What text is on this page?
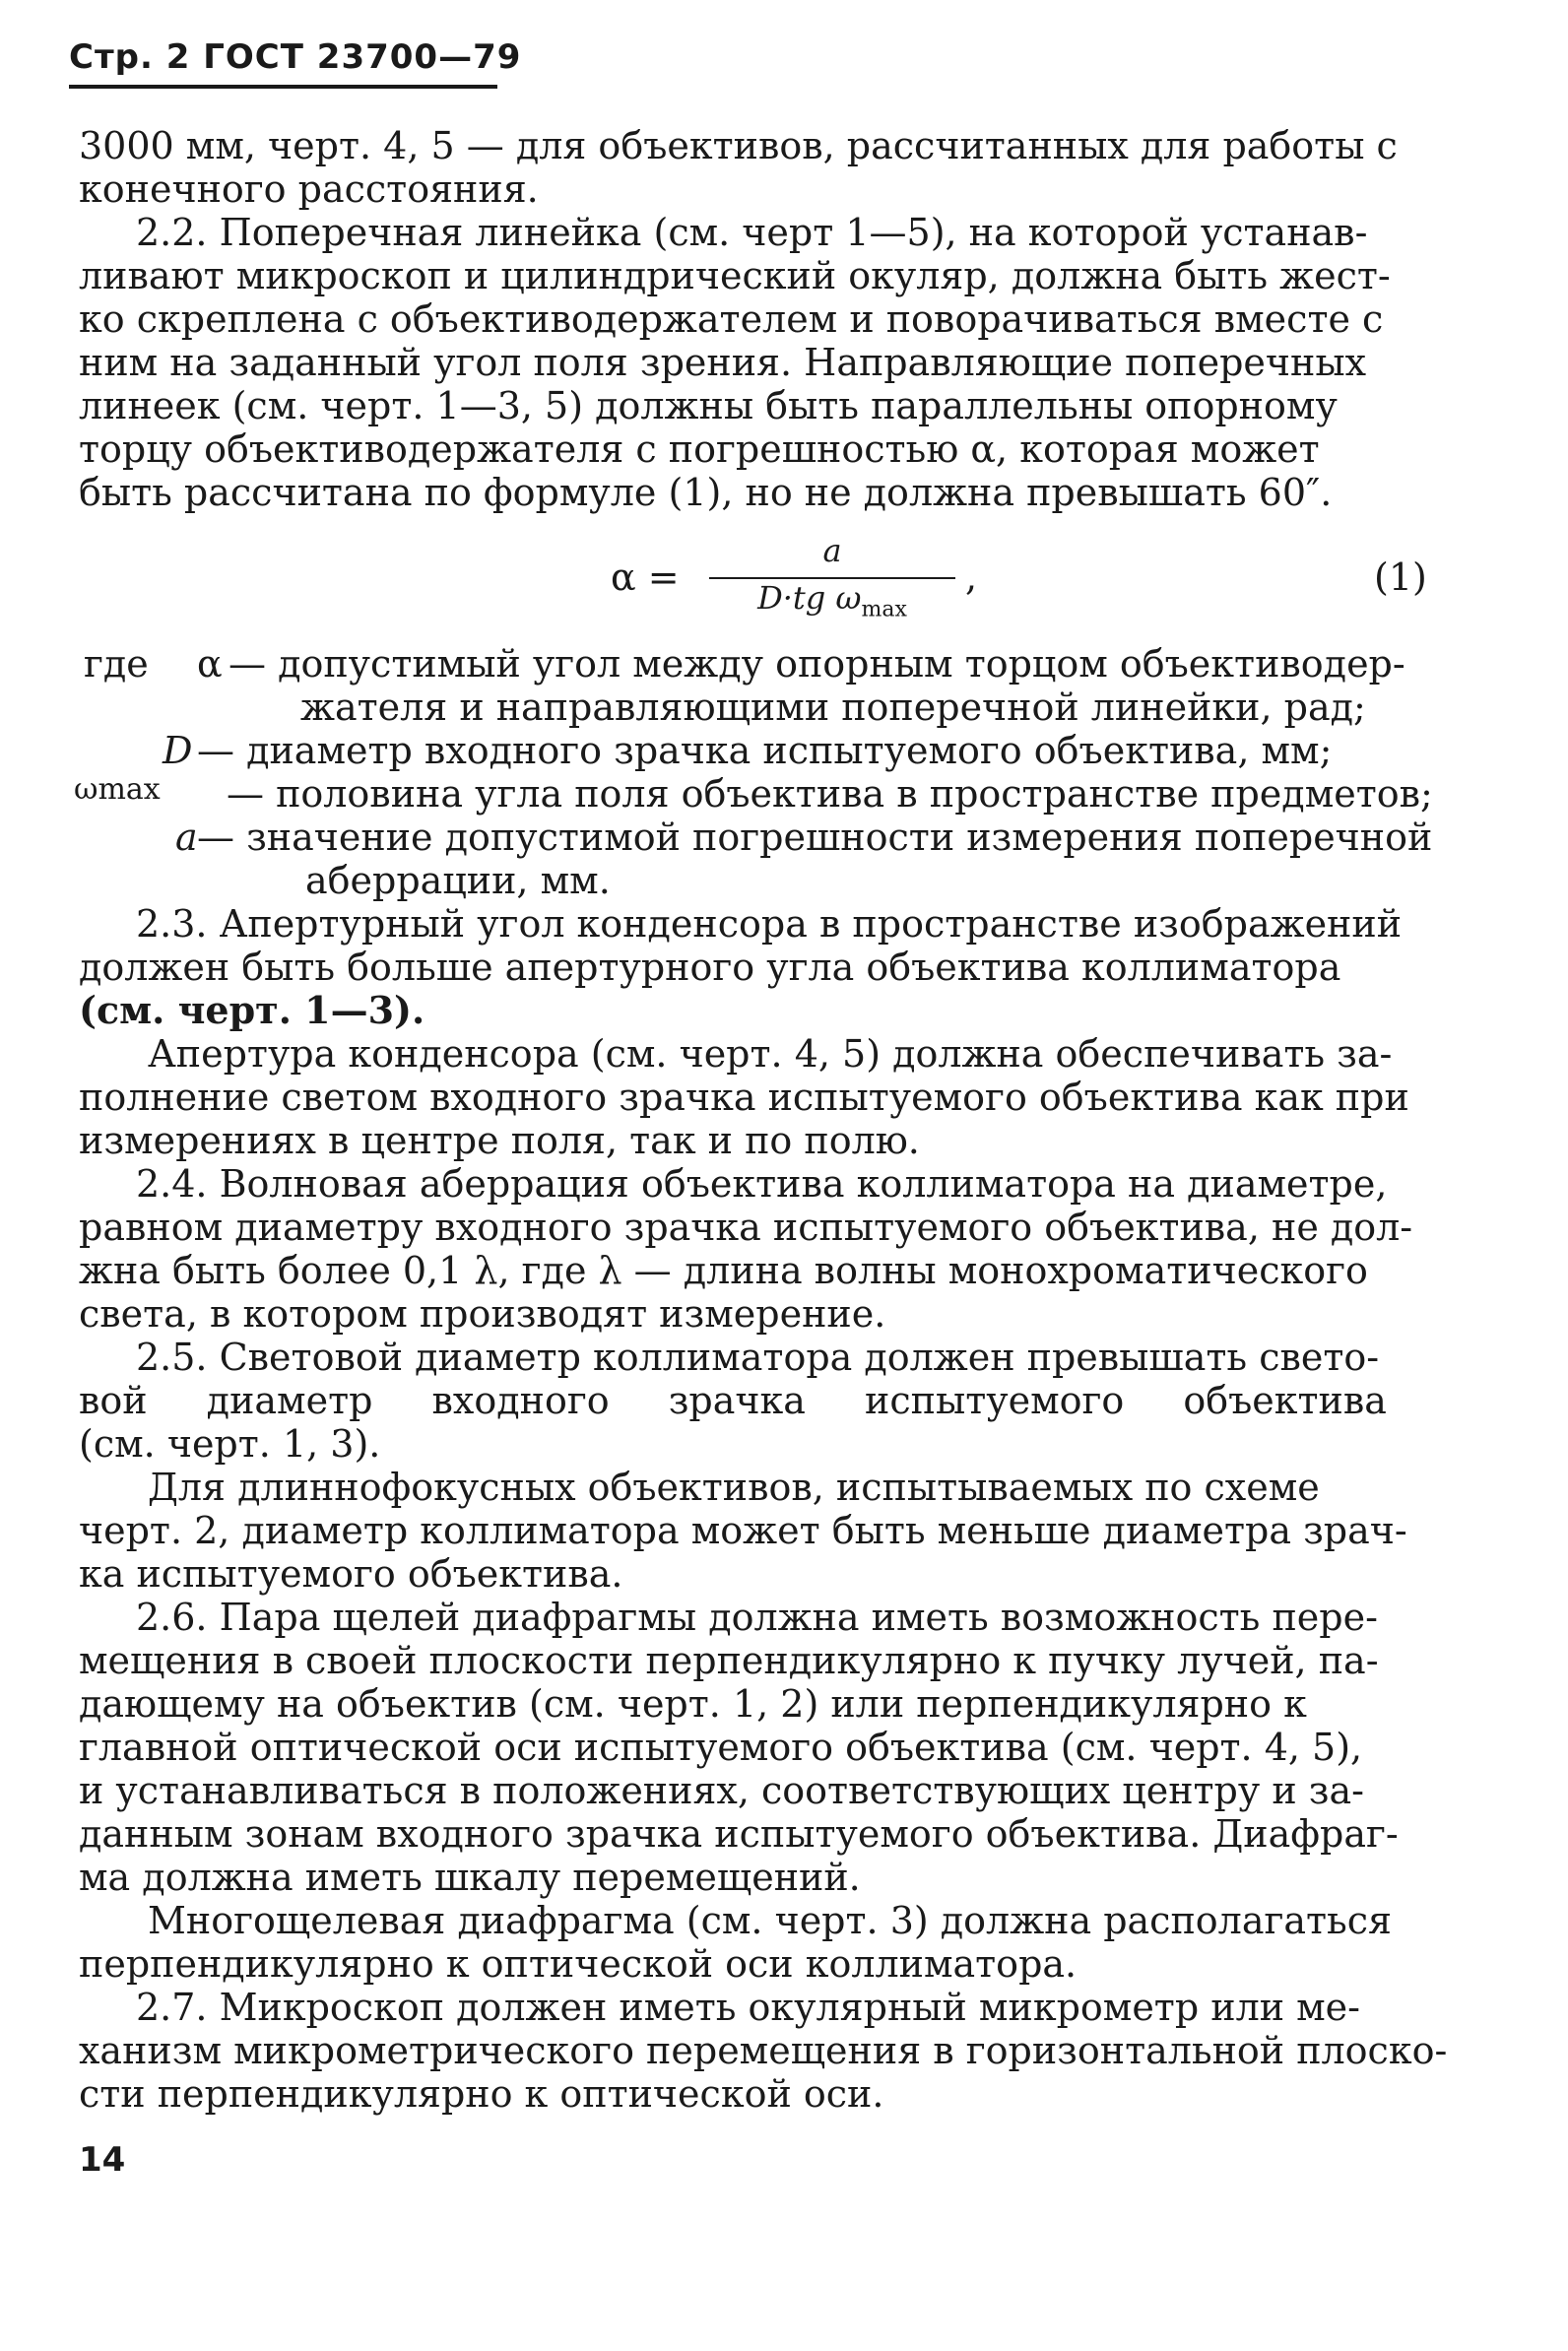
Стр. 2 ГОСТ 23700—79
3000 мм, черт. 4, 5 — для объективов, рассчитанных для работы с
конечного расстояния.
2.2. Поперечная линейка (см. черт 1—5), на которой устанав-
ливают микроскоп и цилиндрический окуляр, должна быть жест-
ко скреплена с объективодержателем и поворачиваться вместе с
ним на заданный угол поля зрения. Направляющие поперечных
линеек (см. черт. 1—3, 5) должны быть параллельны опорному
торцу объективодержателя с погрешностью α, которая может
быть рассчитана по формуле (1), но не должна превышать 60″.
α =
a
D·tg $\omega_{max}$
,	(1)
где α — допустимый угол между опорным торцом объективодер-
жателя и направляющими поперечной линейки, рад;
D — диаметр входного зрачка испытуемого объектива, мм;
ωmax — половина угла поля объектива в пространстве предметов;
a — значение допустимой погрешности измерения поперечной
аберрации, мм.
2.3. Апертурный угол конденсора в пространстве изображений
должен быть больше апертурного угла объектива коллиматора
(см. черт. 1—3).
Апертура конденсора (см. черт. 4, 5) должна обеспечивать за-
полнение светом входного зрачка испытуемого объектива как при
измерениях в центре поля, так и по полю.
2.4. Волновая аберрация объектива коллиматора на диаметре,
равном диаметру входного зрачка испытуемого объектива, не дол-
жна быть более 0,1 λ, где λ — длина волны монохроматического
света, в котором производят измерение.
2.5. Световой диаметр коллиматора должен превышать свето-
вой диаметр входного зрачка испытуемого объектива
(см. черт. 1, 3).
Для длиннофокусных объективов, испытываемых по схеме
черт. 2, диаметр коллиматора может быть меньше диаметра зрач-
ка испытуемого объектива.
2.6. Пара щелей диафрагмы должна иметь возможность пере-
мещения в своей плоскости перпендикулярно к пучку лучей, па-
дающему на объектив (см. черт. 1, 2) или перпендикулярно к
главной оптической оси испытуемого объектива (см. черт. 4, 5),
и устанавливаться в положениях, соответствующих центру и за-
данным зонам входного зрачка испытуемого объектива. Диафраг-
ма должна иметь шкалу перемещений.
Многощелевая диафрагма (см. черт. 3) должна располагаться
перпендикулярно к оптической оси коллиматора.
2.7. Микроскоп должен иметь окулярный микрометр или ме-
ханизм микрометрического перемещения в горизонтальной плоско-
сти перпендикулярно к оптической оси.
14
